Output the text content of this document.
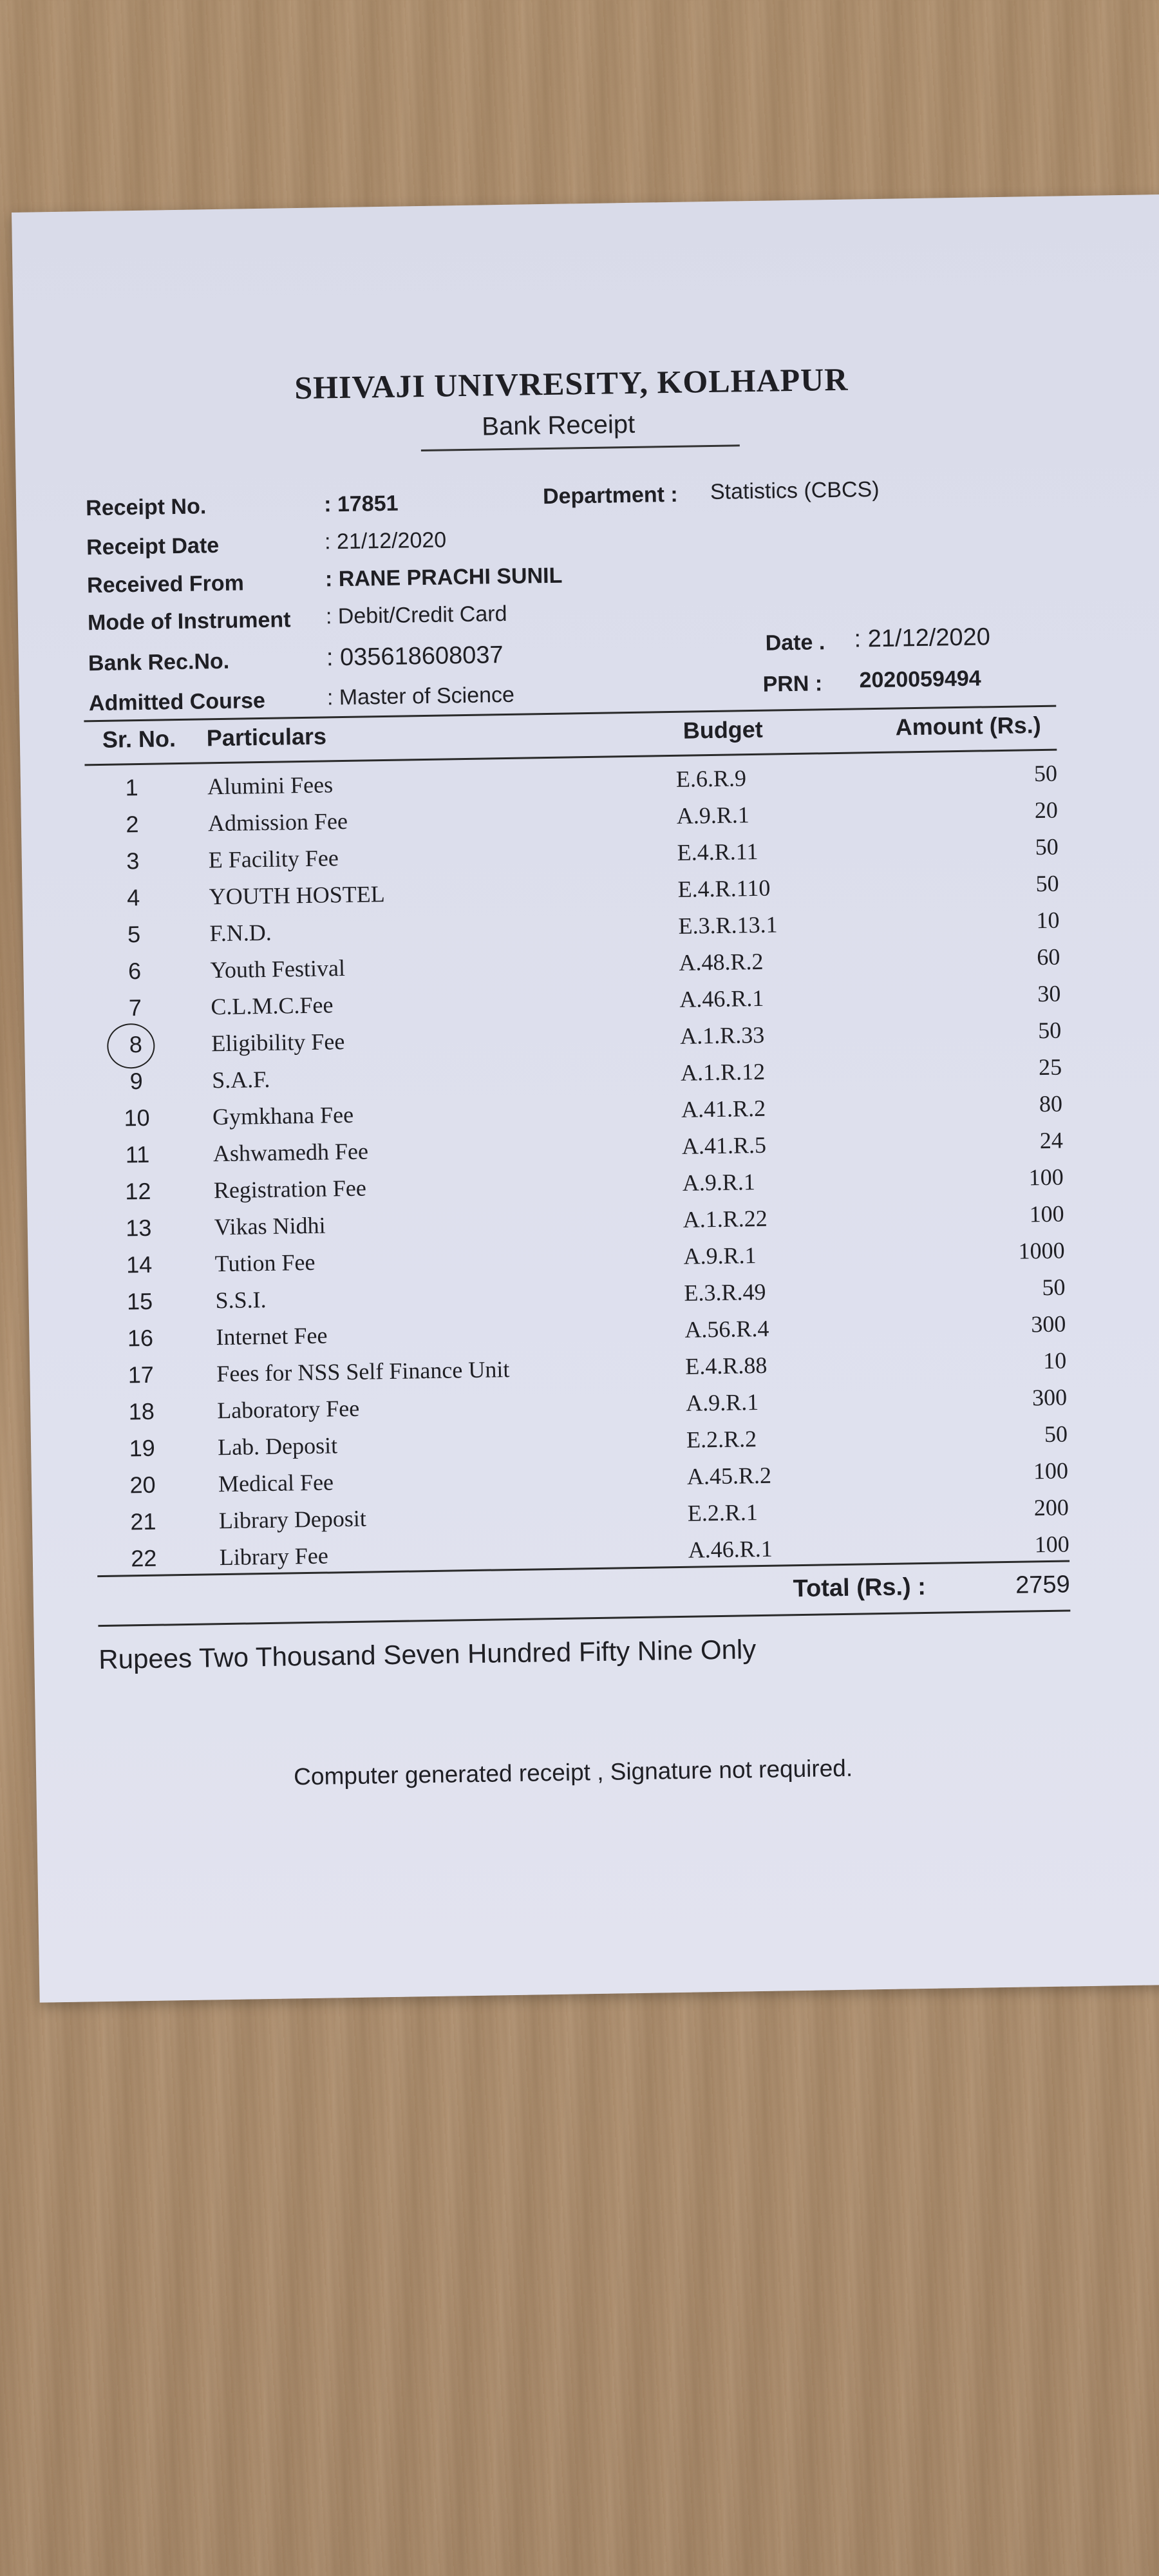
SHIVAJI UNIVRESITY, KOLHAPUR
Bank Receipt
Receipt No.	: 17851	Department : Statistics (CBCS)
Receipt Date	: 21/12/2020
Received From	: RANE PRACHI SUNIL
Mode of Instrument : Debit/Credit Card
Bank Rec.No.	: 035618608037	Date . : 21/12/2020
Admitted Course	: Master of Science	PRN : 2020059494
Sr. No. Particulars	Budget	Amount (Rs.)
1	Alumini Fees	E.6.R.9	50
2	Admission Fee	A.9.R.1	20
3	E Facility Fee	E.4.R.11	50
4	YOUTH HOSTEL	E.4.R.110	50
5	F.N.D.	E.3.R.13.1	10
6	Youth Festival	A.48.R.2	60
7	C.L.M.C.Fee	A.46.R.1	30
8	Eligibility Fee	A.1.R.33	50
9	S.A.F.	A.1.R.12	25
10	Gymkhana Fee	A.41.R.2	80
11	Ashwamedh Fee	A.41.R.5	24
12	Registration Fee	A.9.R.1	100
13	Vikas Nidhi	A.1.R.22	100
14	Tution Fee	A.9.R.1	1000
15	S.S.I.	E.3.R.49	50
16	Internet Fee	A.56.R.4	300
17	Fees for NSS Self Finance Unit	E.4.R.88	10
18	Laboratory Fee	A.9.R.1	300
19	Lab. Deposit	E.2.R.2	50
20	Medical Fee	A.45.R.2	100
21	Library Deposit	E.2.R.1	200
22	Library Fee	A.46.R.1	100
Total (Rs.) :	2759
Rupees Two Thousand Seven Hundred Fifty Nine Only
Computer generated receipt , Signature not required.
